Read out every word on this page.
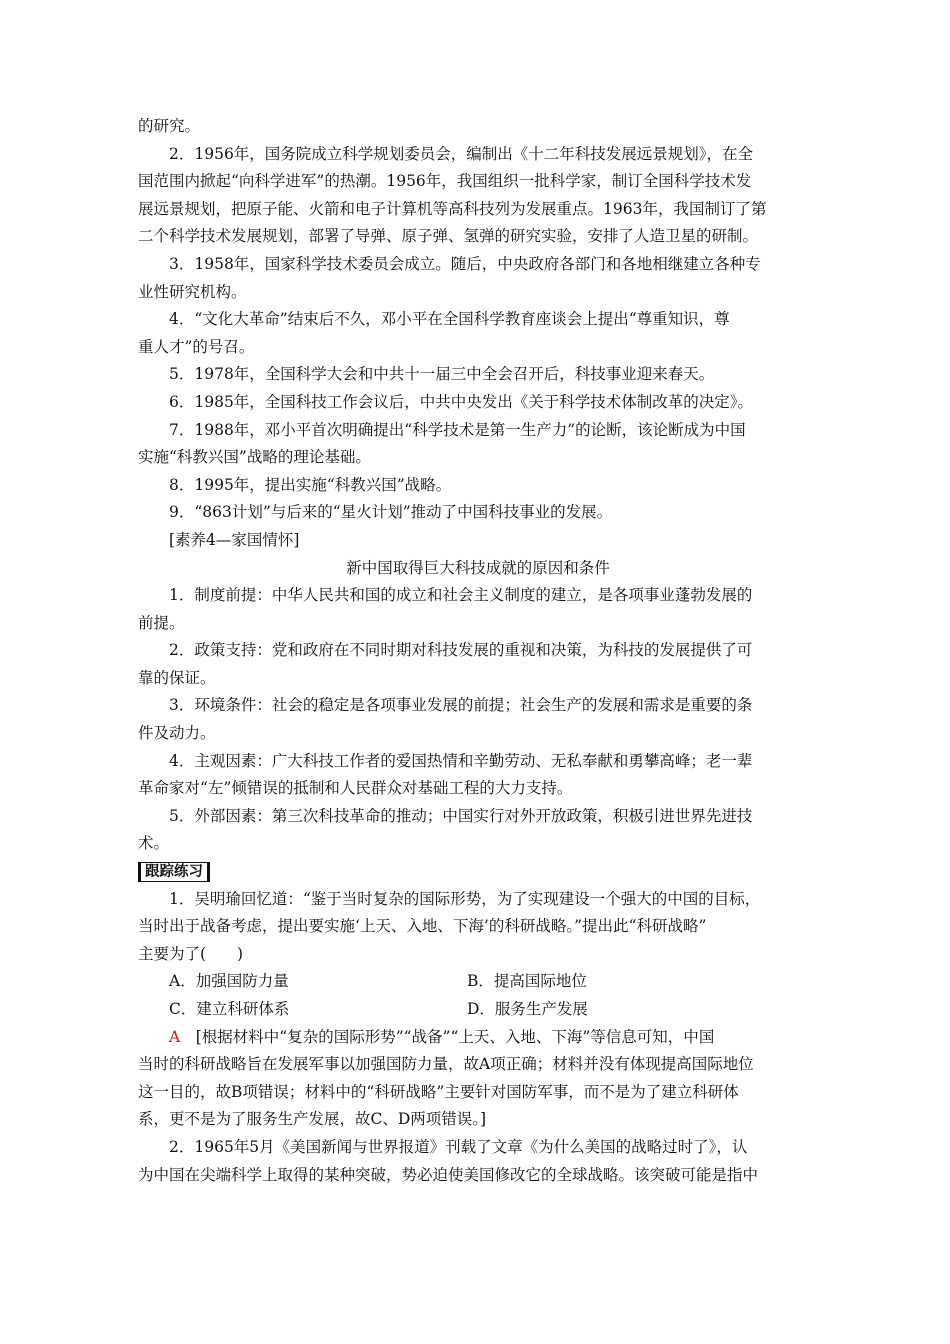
的研究。
2．1956年，国务院成立科学规划委员会，编制出《十二年科技发展远景规划》，在全
国范围内掀起“向科学进军”的热潮。1956年，我国组织一批科学家，制订全国科学技术发
展远景规划，把原子能、火箭和电子计算机等高科技列为发展重点。1963年，我国制订了第
二个科学技术发展规划，部署了导弹、原子弹、氢弹的研究实验，安排了人造卫星的研制。
3．1958年，国家科学技术委员会成立。随后，中央政府各部门和各地相继建立各种专
业性研究机构。
4．“文化大革命”结束后不久，邓小平在全国科学教育座谈会上提出“尊重知识，尊
重人才”的号召。
5．1978年，全国科学大会和中共十一届三中全会召开后，科技事业迎来春天。
6．1985年，全国科技工作会议后，中共中央发出《关于科学技术体制改革的决定》。
7．1988年，邓小平首次明确提出“科学技术是第一生产力”的论断，该论断成为中国
实施“科教兴国”战略的理论基础。
8．1995年，提出实施“科教兴国”战略。
9．“863计划”与后来的“星火计划”推动了中国科技事业的发展。
[素养4—家国情怀]
新中国取得巨大科技成就的原因和条件
1．制度前提：中华人民共和国的成立和社会主义制度的建立，是各项事业蓬勃发展的
前提。
2．政策支持：党和政府在不同时期对科技发展的重视和决策，为科技的发展提供了可
靠的保证。
3．环境条件：社会的稳定是各项事业发展的前提；社会生产的发展和需求是重要的条
件及动力。
4．主观因素：广大科技工作者的爱国热情和辛勤劳动、无私奉献和勇攀高峰；老一辈
革命家对“左”倾错误的抵制和人民群众对基础工程的大力支持。
5．外部因素：第三次科技革命的推动；中国实行对外开放政策，积极引进世界先进技
术。
跟踪练习
1．吴明瑜回忆道：“鉴于当时复杂的国际形势，为了实现建设一个强大的中国的目标，
当时出于战备考虑，提出要实施‘上天、入地、下海’的科研战略。”提出此“科研战略”
主要为了(　　)
A．加强国防力量	B．提高国际地位
C．建立科研体系	D．服务生产发展
A　 [根据材料中“复杂的国际形势”“战备”“上天、入地、下海”等信息可知，中国
当时的科研战略旨在发展军事以加强国防力量，故A项正确；材料并没有体现提高国际地位
这一目的，故B项错误；材料中的“科研战略”主要针对国防军事，而不是为了建立科研体
系，更不是为了服务生产发展，故C、D两项错误。]
2．1965年5月《美国新闻与世界报道》刊载了文章《为什么美国的战略过时了》，认
为中国在尖端科学上取得的某种突破，势必迫使美国修改它的全球战略。该突破可能是指中
